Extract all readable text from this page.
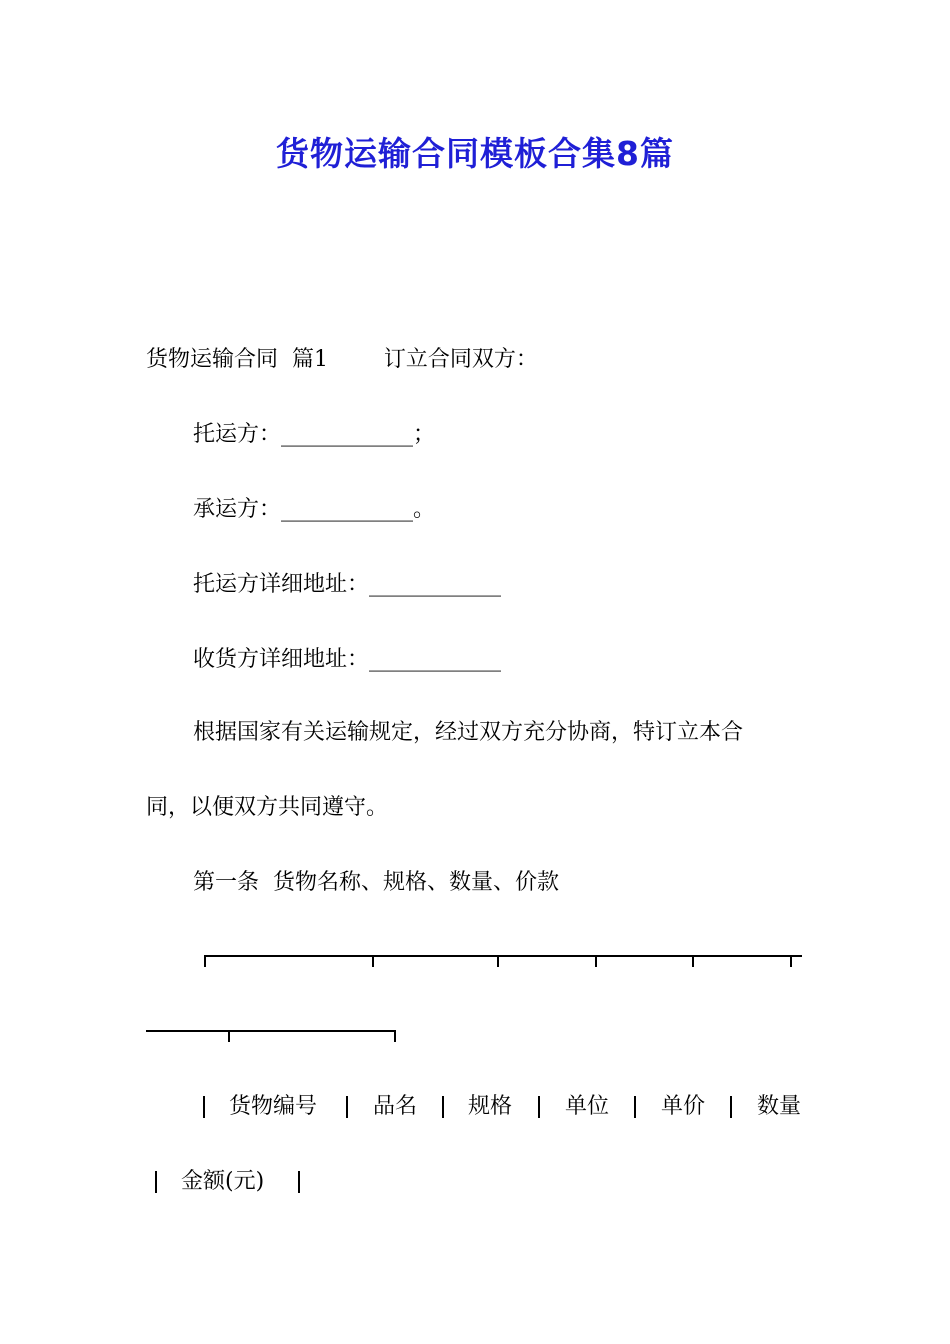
货物运输合同模板合集8篇
货物运输合同  篇1        订立合同双方：
托运方：____________；
承运方：____________。
托运方详细地址：____________
收货方详细地址：____________
根据国家有关运输规定，经过双方充分协商，特订立本合
同，以便双方共同遵守。
第一条  货物名称、规格、数量、价款
货物编号	品名 规格 单位 单价 数量
金额(元)
